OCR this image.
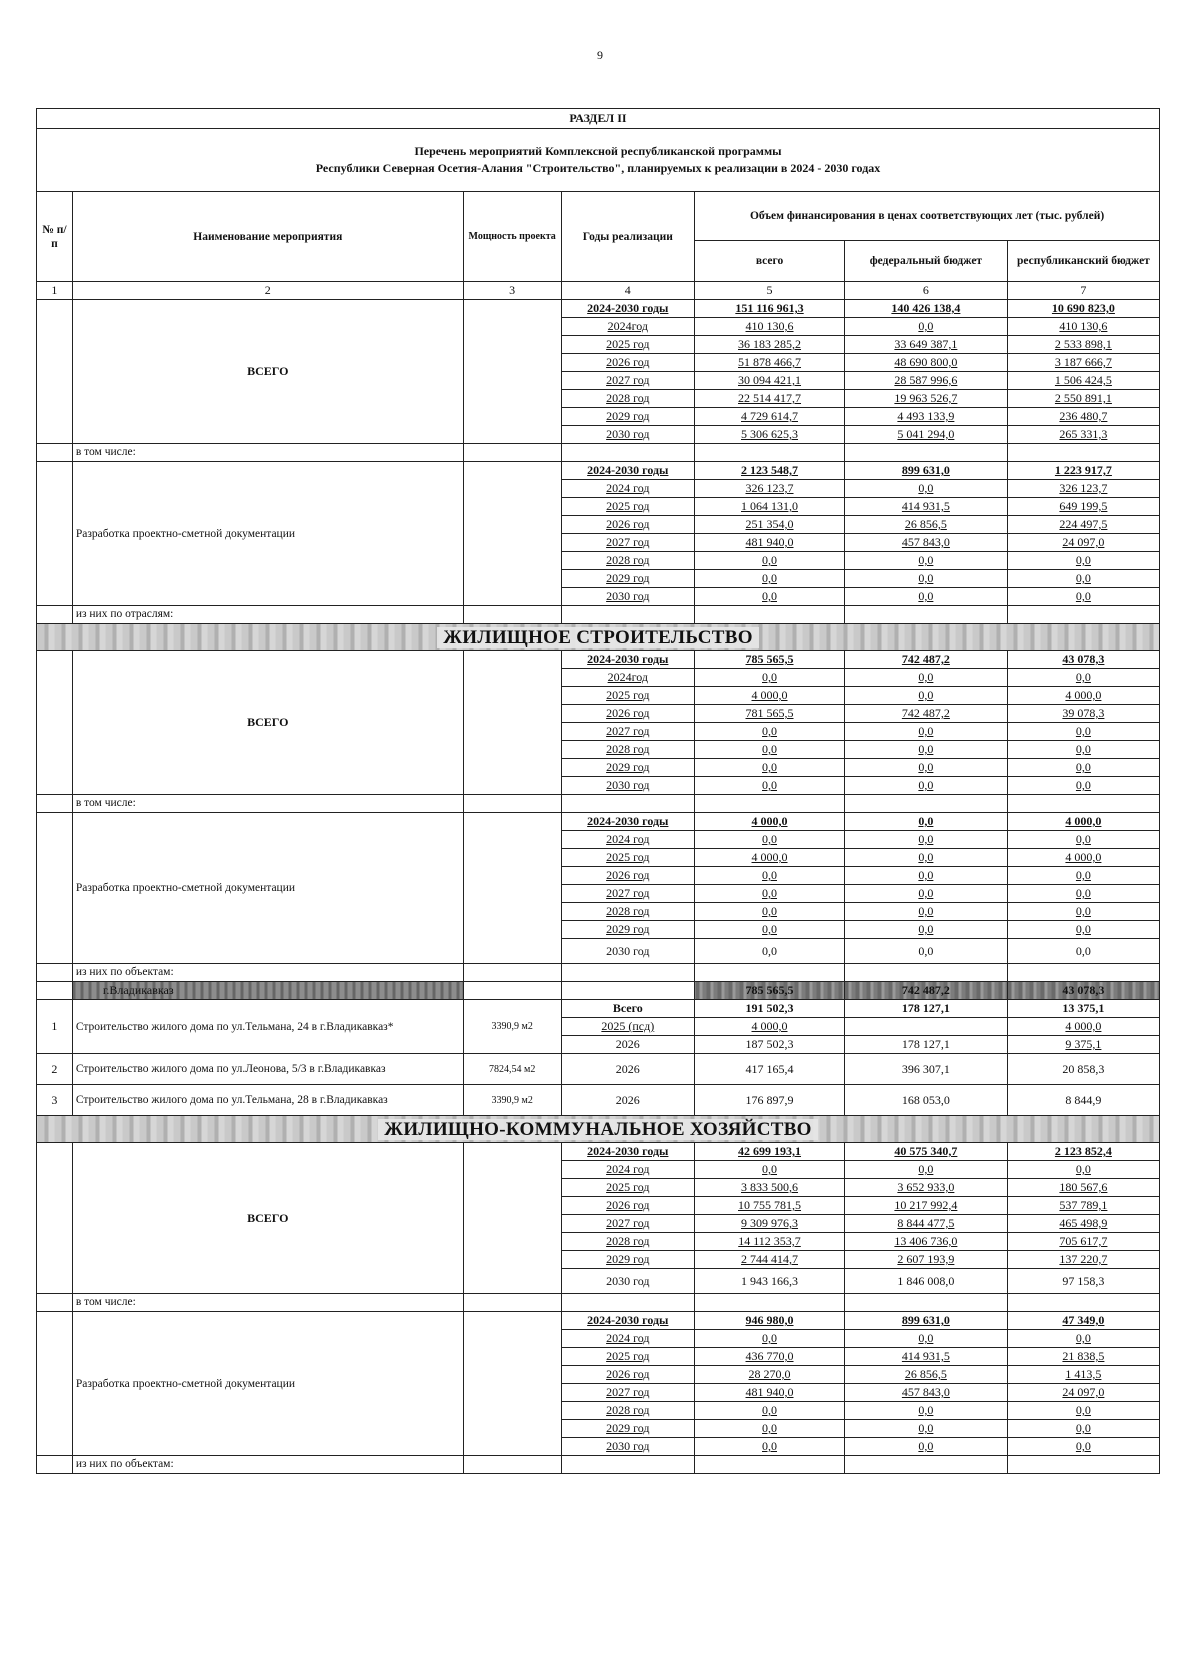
9
РАЗДЕЛ II						

Перечень мероприятий Комплексной республиканской программы
Республики Северная Осетия-Алания "Строительство", планируемых к реализации в 2024 - 2030 годах						

№ п/п	Наименование мероприятия	Мощность проекта	Годы реализации	Объем финансирования в ценах соответствующих лет (тыс. рублей)		
				всего	федеральный бюджет	республиканский бюджет
1	2	3	4	5	6	7
	ВСЕГО		2024-2030 годы	151 116 961,3	140 426 138,4	10 690 823,0
			2024год	410 130,6	0,0	410 130,6
			2025 год	36 183 285,2	33 649 387,1	2 533 898,1
			2026 год	51 878 466,7	48 690 800,0	3 187 666,7
			2027 год	30 094 421,1	28 587 996,6	1 506 424,5
			2028 год	22 514 417,7	19 963 526,7	2 550 891,1
			2029 год	4 729 614,7	4 493 133,9	236 480,7
			2030 год	5 306 625,3	5 041 294,0	265 331,3
	в том числе:					
	Разработка проектно-сметной документации		2024-2030 годы	2 123 548,7	899 631,0	1 223 917,7
			2024 год	326 123,7	0,0	326 123,7
			2025 год	1 064 131,0	414 931,5	649 199,5
			2026 год	251 354,0	26 856,5	224 497,5
			2027 год	481 940,0	457 843,0	24 097,0
			2028 год	0,0	0,0	0,0
			2029 год	0,0	0,0	0,0
			2030 год	0,0	0,0	0,0
	из них по отраслям:					
ЖИЛИЩНОЕ СТРОИТЕЛЬСТВО						
	ВСЕГО		2024-2030 годы	785 565,5	742 487,2	43 078,3
			2024год	0,0	0,0	0,0
			2025 год	4 000,0	0,0	4 000,0
			2026 год	781 565,5	742 487,2	39 078,3
			2027 год	0,0	0,0	0,0
			2028 год	0,0	0,0	0,0
			2029 год	0,0	0,0	0,0
			2030 год	0,0	0,0	0,0
	в том числе:					
	Разработка проектно-сметной документации		2024-2030 годы	4 000,0	0,0	4 000,0
			2024 год	0,0	0,0	0,0
			2025 год	4 000,0	0,0	4 000,0
			2026 год	0,0	0,0	0,0
			2027 год	0,0	0,0	0,0
			2028 год	0,0	0,0	0,0
			2029 год	0,0	0,0	0,0
			2030 год	0,0	0,0	0,0
	из них по объектам:					
	г.Владикавказ			785 565,5	742 487,2	43 078,3
1	Строительство жилого дома по ул.Тельмана, 24 в г.Владикавказ*	3390,9 м2	Всего	191 502,3	178 127,1	13 375,1
			2025 (псд)	4 000,0		4 000,0
			2026	187 502,3	178 127,1	9 375,1
2	Строительство жилого дома по ул.Леонова, 5/3 в г.Владикавказ	7824,54 м2	2026	417 165,4	396 307,1	20 858,3
3	Строительство жилого дома по ул.Тельмана, 28 в г.Владикавказ	3390,9 м2	2026	176 897,9	168 053,0	8 844,9
ЖИЛИЩНО-КОММУНАЛЬНОЕ ХОЗЯЙСТВО						
	ВСЕГО		2024-2030 годы	42 699 193,1	40 575 340,7	2 123 852,4
			2024 год	0,0	0,0	0,0
			2025 год	3 833 500,6	3 652 933,0	180 567,6
			2026 год	10 755 781,5	10 217 992,4	537 789,1
			2027 год	9 309 976,3	8 844 477,5	465 498,9
			2028 год	14 112 353,7	13 406 736,0	705 617,7
			2029 год	2 744 414,7	2 607 193,9	137 220,7
			2030 год	1 943 166,3	1 846 008,0	97 158,3
	в том числе:					
	Разработка проектно-сметной документации		2024-2030 годы	946 980,0	899 631,0	47 349,0
			2024 год	0,0	0,0	0,0
			2025 год	436 770,0	414 931,5	21 838,5
			2026 год	28 270,0	26 856,5	1 413,5
			2027 год	481 940,0	457 843,0	24 097,0
			2028 год	0,0	0,0	0,0
			2029 год	0,0	0,0	0,0
			2030 год	0,0	0,0	0,0
	из них по объектам:					
